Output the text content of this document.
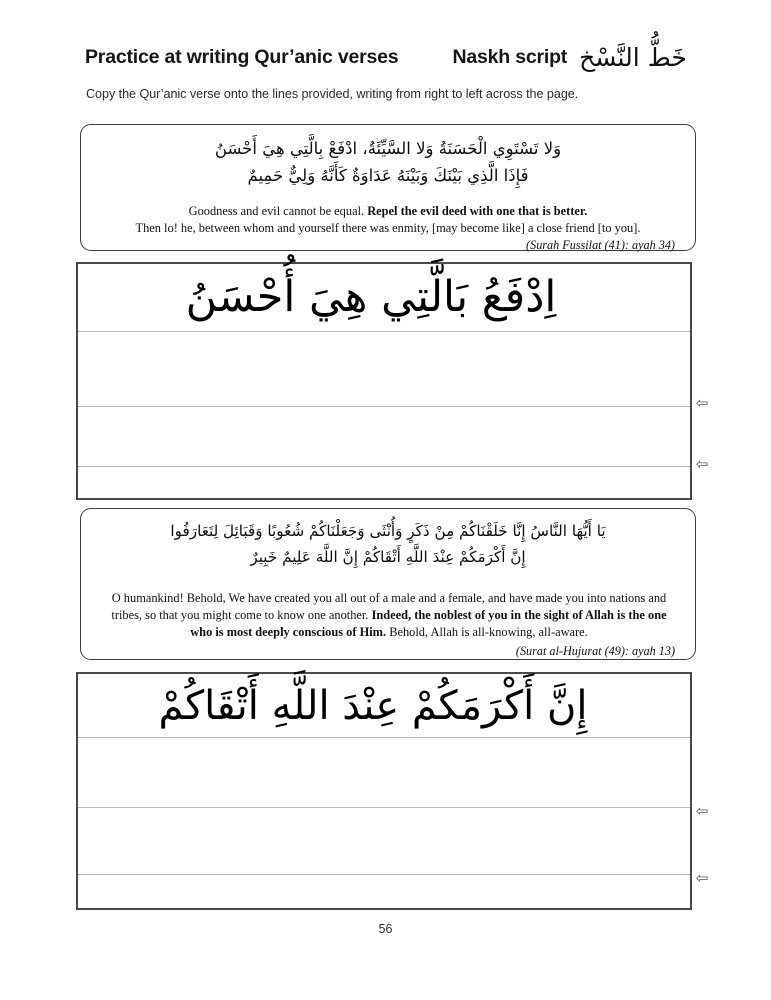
Practice at writing Qur’anic verses	Naskh script خَطُّ النَّسْخ
Copy the Qur’anic verse onto the lines provided, writing from right to left across the page.
وَلا تَسْتَوِي الْحَسَنَةُ وَلا السَّيِّئَةُ، ادْفَعْ بِالَّتِي هِيَ أَحْسَنُ
فَإِذَا الَّذِي بَيْنَكَ وَبَيْنَهُ عَدَاوَةٌ كَأَنَّهُ وَلِيٌّ حَمِيمٌ
Goodness and evil cannot be equal. Repel the evil deed with one that is better.
Then lo! he, between whom and yourself there was enmity, [may become like] a close friend [to you].
(Surah Fussilat (41): ayah 34)
اِدْفَعُ بَالَّتِي هِيَ أُحْسَنُ
⇦
⇦
يَا أَيُّهَا النَّاسُ إِنَّا خَلَقْنَاكُمْ مِنْ ذَكَرٍ وَأُنْثَى وَجَعَلْنَاكُمْ شُعُوبًا وَقَبَائِلَ لِتَعَارَفُوا
إِنَّ أَكْرَمَكُمْ عِنْدَ اللَّهِ أَتْقَاكُمْ إِنَّ اللَّهَ عَلِيمٌ خَبِيرٌ
O humankind! Behold, We have created you all out of a male and a female, and have made you into nations and tribes, so that you might come to know one another. Indeed, the noblest of you in the sight of Allah is the one who is most deeply conscious of Him. Behold, Allah is all-knowing, all-aware.
(Surat al-Hujurat (49): ayah 13)
إِنَّ أَكْرَمَكُمْ عِنْدَ اللَّهِ أَتْقَاكُمْ
⇦
⇦
56
